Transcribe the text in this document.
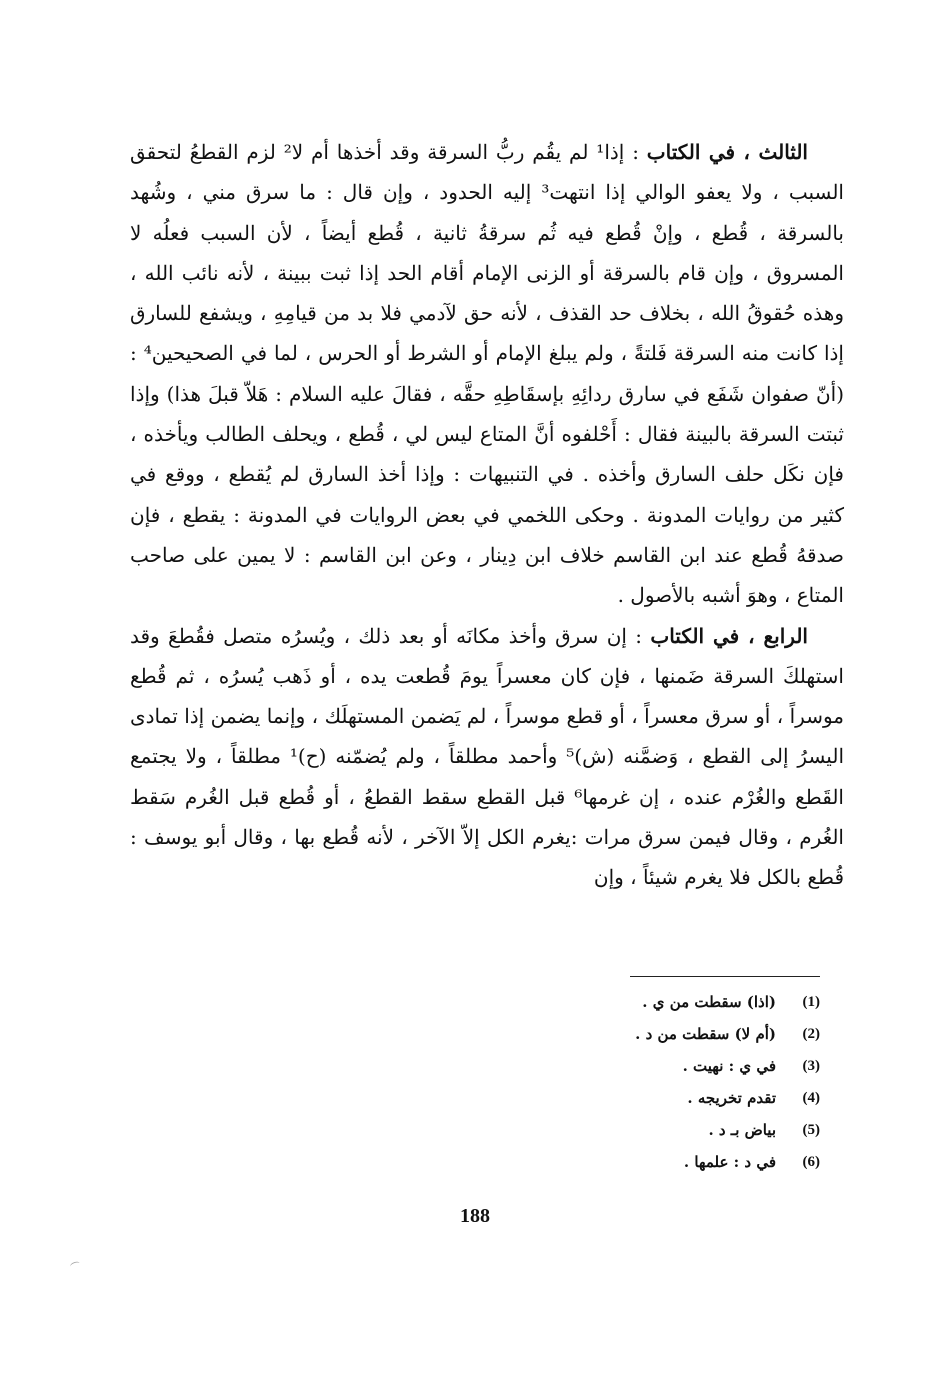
الثالث ، في الكتاب : إذا¹ لم يقُم ربُّ السرقة وقد أخذها أم لا² لزم القطعُ لتحقق السبب ، ولا يعفو الوالي إذا انتهت³ إليه الحدود ، وإن قال : ما سرق مني ، وشُهد بالسرقة ، قُطع ، وإنْ قُطع فيه ثُم سرقةُ ثانية ، قُطع أيضاً ، لأن السبب فعلُه لا المسروق ، وإن قام بالسرقة أو الزنى الإمام أقام الحد إذا ثبت ببينة ، لأنه نائب الله ، وهذه حُقوقُ الله ، بخلاف حد القذف ، لأنه حق لآدمي فلا بد من قيامِهِ ، ويشفع للسارق إذا كانت منه السرقة فَلتةً ، ولم يبلغ الإمام أو الشرط أو الحرس ، لما في الصحيحين⁴ : (أنّ صفوان شَفَع في سارق ردائِهِ بإسقَاطِهِ حقَّه ، فقالَ عليه السلام : هَلاّ قبلَ هذا) وإذا ثبتت السرقة بالبينة فقال : أَحْلفوه أنَّ المتاع ليس لي ، قُطع ، ويحلف الطالب ويأخذه ، فإن نكَل حلف السارق وأخذه . في التنبيهات : وإذا أخذ السارق لم يُقطع ، ووقع في كثير من روايات المدونة . وحكى اللخمي في بعض الروايات في المدونة : يقطع ، فإن صدقهُ قُطع عند ابن القاسم خلاف ابن دِينار ، وعن ابن القاسم : لا يمين على صاحب المتاع ، وهوَ أشبه بالأصول .

الرابع ، في الكتاب : إن سرق وأخذ مكانَه أو بعد ذلك ، ويُسرُه متصل فقُطعَ وقد استهلكَ السرقة ضَمنها ، فإن كان معسراً يومَ قُطعت يده ، أو ذَهب يُسرُه ، ثم قُطع موسراً ، أو سرق معسراً ، أو قطع موسراً ، لم يَضمن المستهلَك ، وإنما يضمن إذا تمادى اليسرُ إلى القطع ، وَضمَّنه (ش)⁵ وأحمد مطلقاً ، ولم يُضمّنه (ح)¹ مطلقاً ، ولا يجتمع القَطع والغُرْم عنده ، إن غرمها⁶ قبل القطع سقط القطعُ ، أو قُطع قبل الغُرم سَقط الغُرم ، وقال فيمن سرق مرات :يغرم الكل إلاّ الآخر ، لأنه قُطع بها ، وقال أبو يوسف : قُطع بالكل فلا يغرم شيئاً ، وإن

(1)
(اذا) سقطت من ي .
(2)
(أم لا) سقطت من د .
(3)
في ي : نهيت .
(4)
تقدم تخريجه .
(5)
بياض بـ د .
(6)
في د : علمها .
188
